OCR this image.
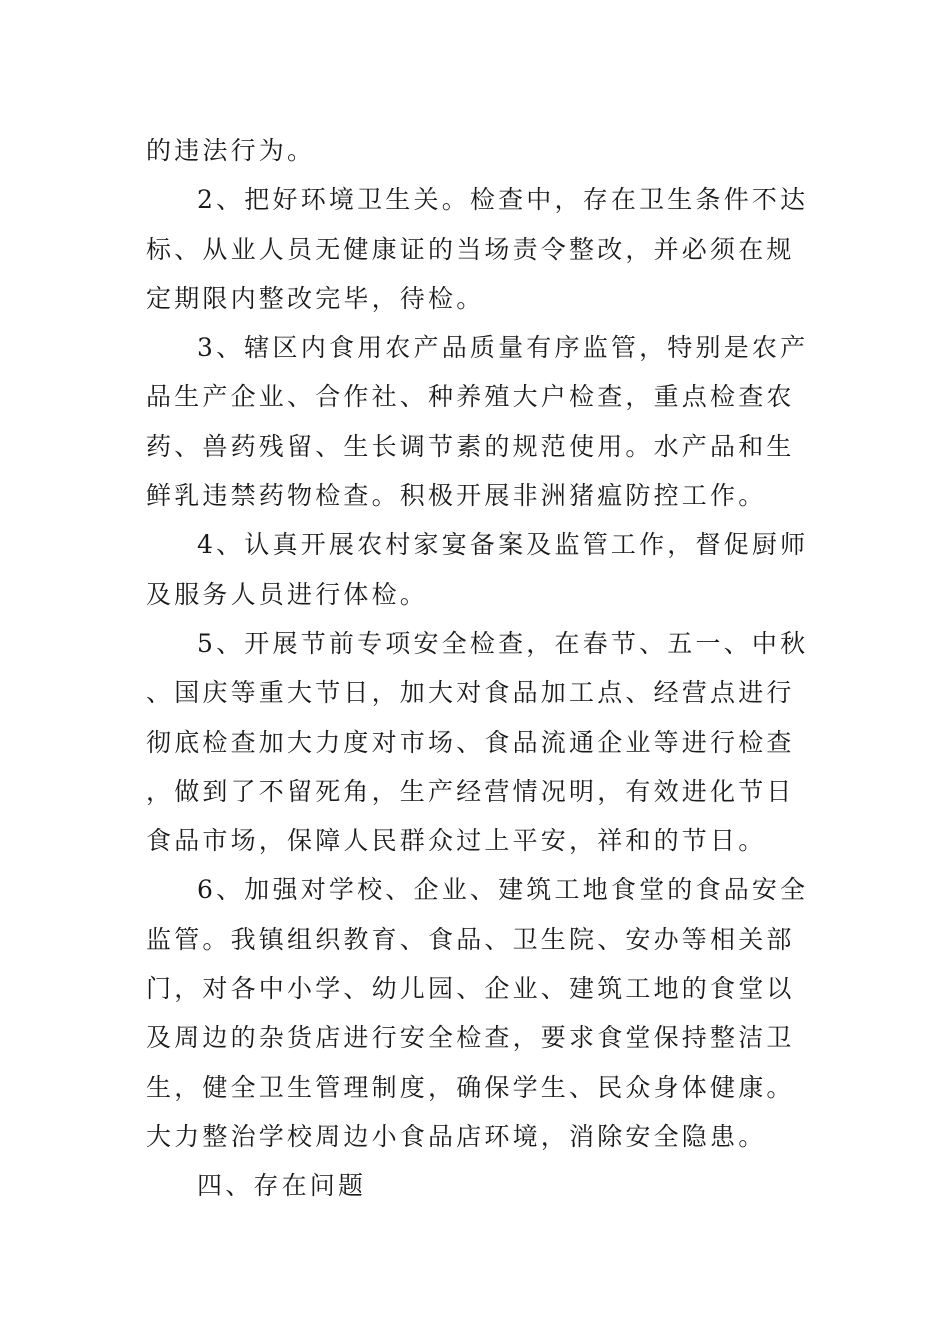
的违法行为。

2、把好环境卫生关。检查中，存在卫生条件不达标、从业人员无健康证的当场责令整改，并必须在规定期限内整改完毕，待检。

3、辖区内食用农产品质量有序监管，特别是农产品生产企业、合作社、种养殖大户检查，重点检查农药、兽药残留、生长调节素的规范使用。水产品和生鲜乳违禁药物检查。积极开展非洲猪瘟防控工作。

4、认真开展农村家宴备案及监管工作，督促厨师及服务人员进行体检。

5、开展节前专项安全检查，在春节、五一、中秋、国庆等重大节日，加大对食品加工点、经营点进行彻底检查加大力度对市场、食品流通企业等进行检查，做到了不留死角，生产经营情况明，有效进化节日食品市场，保障人民群众过上平安，祥和的节日。

6、加强对学校、企业、建筑工地食堂的食品安全监管。我镇组织教育、食品、卫生院、安办等相关部门，对各中小学、幼儿园、企业、建筑工地的食堂以及周边的杂货店进行安全检查，要求食堂保持整洁卫生，健全卫生管理制度，确保学生、民众身体健康。大力整治学校周边小食品店环境，消除安全隐患。

四、存在问题
